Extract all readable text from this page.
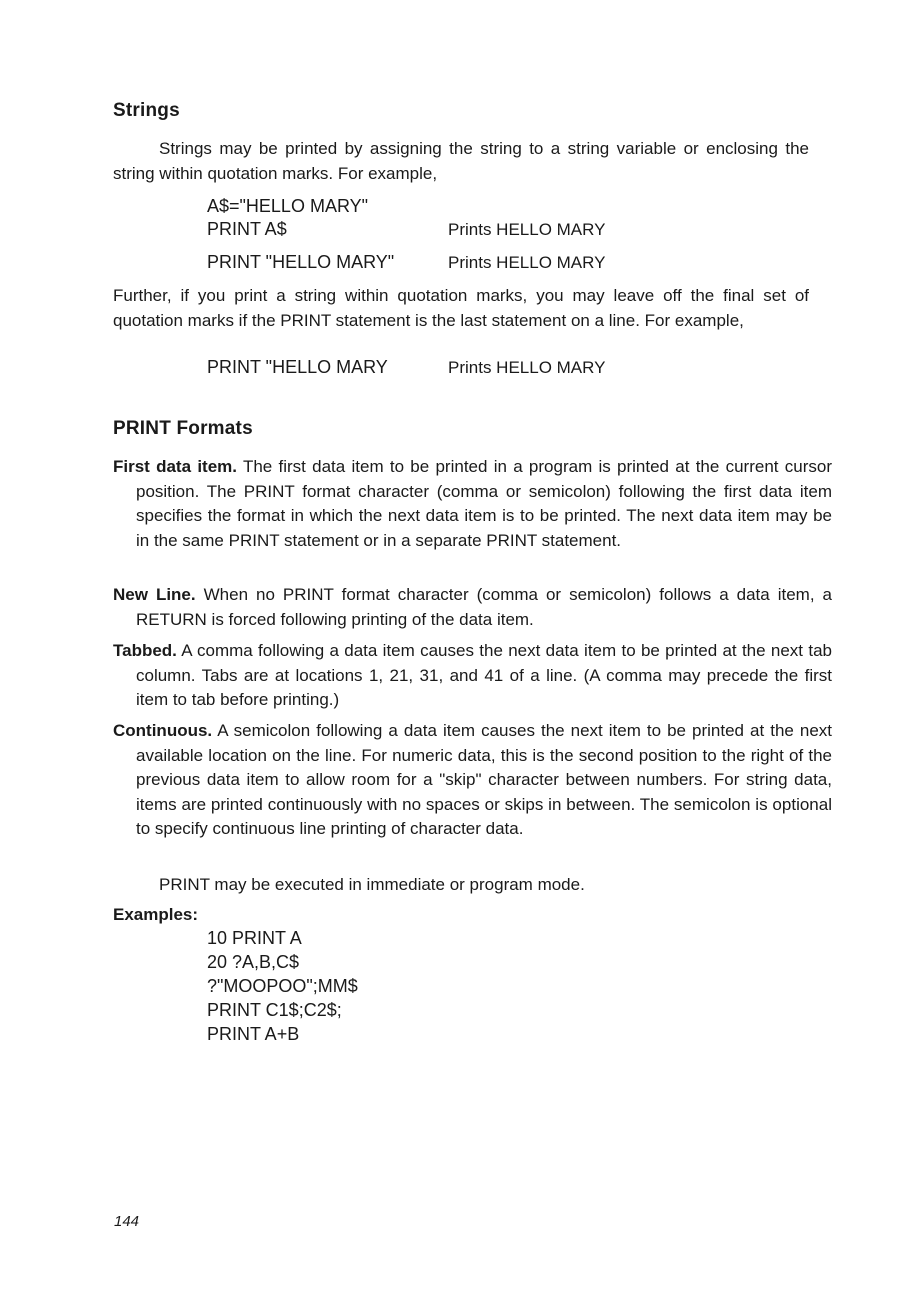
Strings

Strings may be printed by assigning the string to a string variable or enclosing the string within quotation marks. For example,

A$="HELLO MARY"

PRINT A$	Prints HELLO MARY

PRINT "HELLO MARY"	Prints HELLO MARY

Further, if you print a string within quotation marks, you may leave off the final set of quotation marks if the PRINT statement is the last statement on a line. For example,

PRINT "HELLO MARY	Prints HELLO MARY

PRINT Formats

First data item. The first data item to be printed in a program is printed at the current cursor position. The PRINT format character (comma or semicolon) following the first data item specifies the format in which the next data item is to be printed. The next data item may be in the same PRINT statement or in a separate PRINT statement.

New Line. When no PRINT format character (comma or semicolon) follows a data item, a RETURN is forced following printing of the data item.

Tabbed. A comma following a data item causes the next data item to be printed at the next tab column. Tabs are at locations 1, 21, 31, and 41 of a line. (A comma may precede the first item to tab before printing.)

Continuous. A semicolon following a data item causes the next item to be printed at the next available location on the line. For numeric data, this is the second position to the right of the previous data item to allow room for a "skip" character between numbers. For string data, items are printed continuously with no spaces or skips in between. The semicolon is optional to specify continuous line printing of character data.

PRINT may be executed in immediate or program mode.

Examples:

10 PRINT A

20 ?A,B,C$

?"MOOPOO";MM$

PRINT C1$;C2$;

PRINT A+B

144
